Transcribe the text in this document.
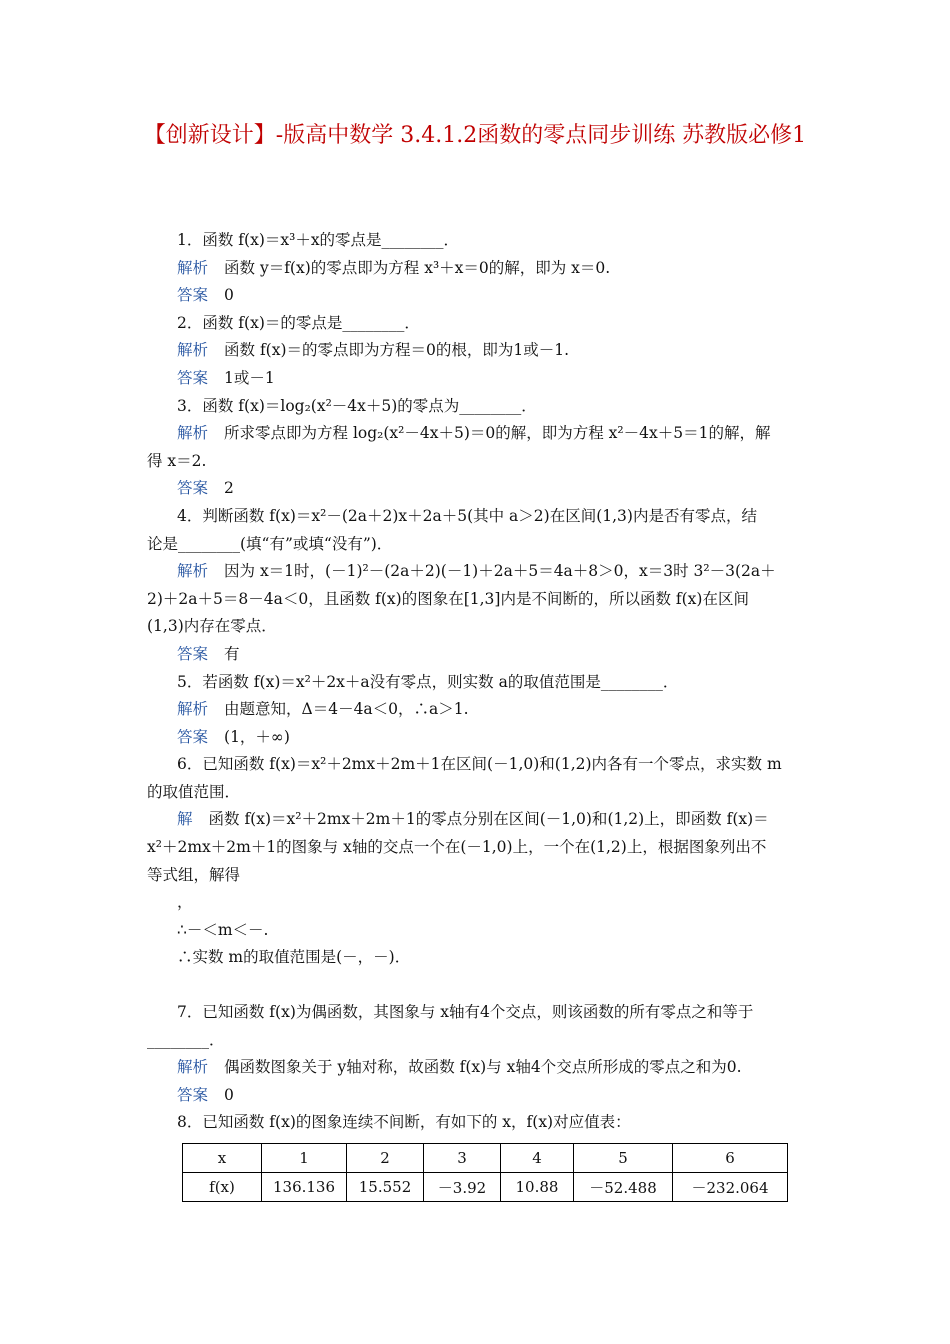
【创新设计】-版高中数学 3.4.1.2函数的零点同步训练 苏教版必修1
1．函数 f(x)＝x³＋x的零点是________．
解析 函数 y＝f(x)的零点即为方程 x³＋x＝0的解，即为 x＝0.
答案 0
2．函数 f(x)＝的零点是________．
解析 函数 f(x)＝的零点即为方程＝0的根，即为1或－1.
答案 1或－1
3．函数 f(x)＝log₂(x²－4x＋5)的零点为________．
解析 所求零点即为方程 log₂(x²－4x＋5)＝0的解，即为方程 x²－4x＋5＝1的解，解
得 x＝2.
答案 2
4．判断函数 f(x)＝x²－(2a＋2)x＋2a＋5(其中 a＞2)在区间(1,3)内是否有零点，结
论是________(填“有”或填“没有”)．
解析 因为 x＝1时，(－1)²－(2a＋2)(－1)＋2a＋5＝4a＋8＞0，x＝3时 3²－3(2a＋
2)＋2a＋5＝8－4a＜0，且函数 f(x)的图象在[1,3]内是不间断的，所以函数 f(x)在区间
(1,3)内存在零点．
答案 有
5．若函数 f(x)＝x²＋2x＋a没有零点，则实数 a的取值范围是________．
解析 由题意知，Δ＝4－4a＜0，∴a＞1.
答案 (1，＋∞)
6．已知函数 f(x)＝x²＋2mx＋2m＋1在区间(－1,0)和(1,2)内各有一个零点，求实数 m
的取值范围．
解 函数 f(x)＝x²＋2mx＋2m＋1的零点分别在区间(－1,0)和(1,2)上，即函数 f(x)＝
x²＋2mx＋2m＋1的图象与 x轴的交点一个在(－1,0)上，一个在(1,2)上，根据图象列出不
等式组，解得
，
∴－＜m＜－.
∴实数 m的取值范围是(－，－)．
7．已知函数 f(x)为偶函数，其图象与 x轴有4个交点，则该函数的所有零点之和等于
________．
解析 偶函数图象关于 y轴对称，故函数 f(x)与 x轴4个交点所形成的零点之和为0.
答案 0
8．已知函数 f(x)的图象连续不间断，有如下的 x，f(x)对应值表：
x	1	2	3	4	5	6
f(x)	136.136	15.552	－3.92	10.88	－52.488	－232.064
